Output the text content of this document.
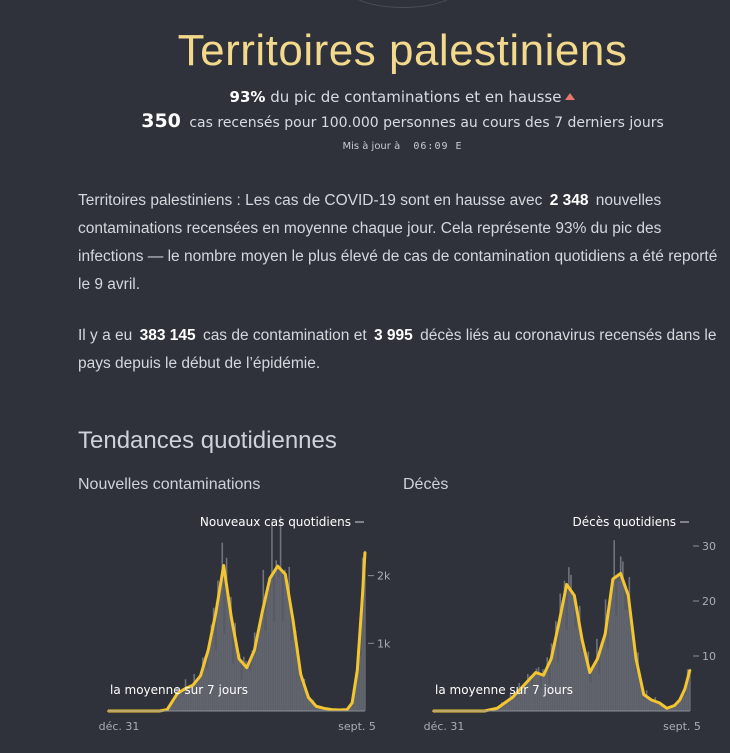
Territoires palestiniens
93% du pic de contaminations et en hausse
350 cas recensés pour 100.000 personnes au cours des 7 derniers jours
Mis à jour à 06:09 E
Territoires palestiniens : Les cas de COVID-19 sont en hausse avec 2 348 nouvelles contaminations recensées en moyenne chaque jour. Cela représente 93% du pic des infections — le nombre moyen le plus élevé de cas de contamination quotidiens a été reporté le 9 avril.
Il y a eu 383 145 cas de contamination et 3 995 décès liés au coronavirus recensés dans le pays depuis le début de l’épidémie.
Tendances quotidiennes
Nouvelles contaminations	Décès
1k
2k
Nouveaux cas quotidiens
la moyenne sur 7 jours
déc. 31	sept. 5
10
20
30
Décès quotidiens
la moyenne sur 7 jours
déc. 31	sept. 5
